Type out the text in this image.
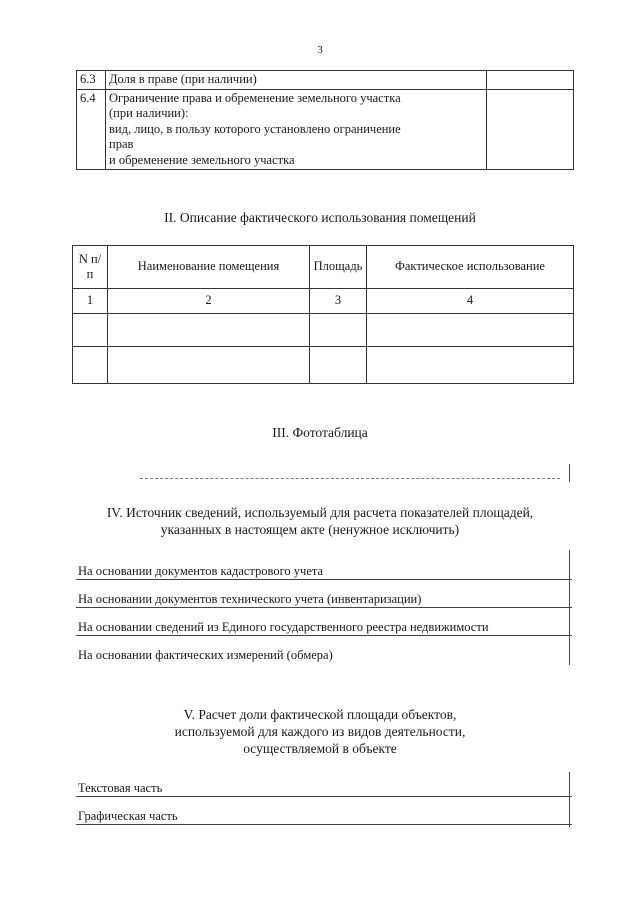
3
6.3	Доля в праве (при наличии)	
6.4	Ограничение права и обременение земельного участка
(при наличии):
вид, лицо, в пользу которого установлено ограничение
прав
и обременение земельного участка	

II. Описание фактического использования помещений
N п/п	Наименование помещения	Площадь	Фактическое использование
1	2	3	4

III. Фототаблица
IV. Источник сведений, используемый для расчета показателей площадей,
указанных в настоящем акте (ненужное исключить)
На основании документов кадастрового учета
На основании документов технического учета (инвентаризации)
На основании сведений из Единого государственного реестра недвижимости
На основании фактических измерений (обмера)
V. Расчет доли фактической площади объектов,
используемой для каждого из видов деятельности,
осуществляемой в объекте
Текстовая часть
Графическая часть
